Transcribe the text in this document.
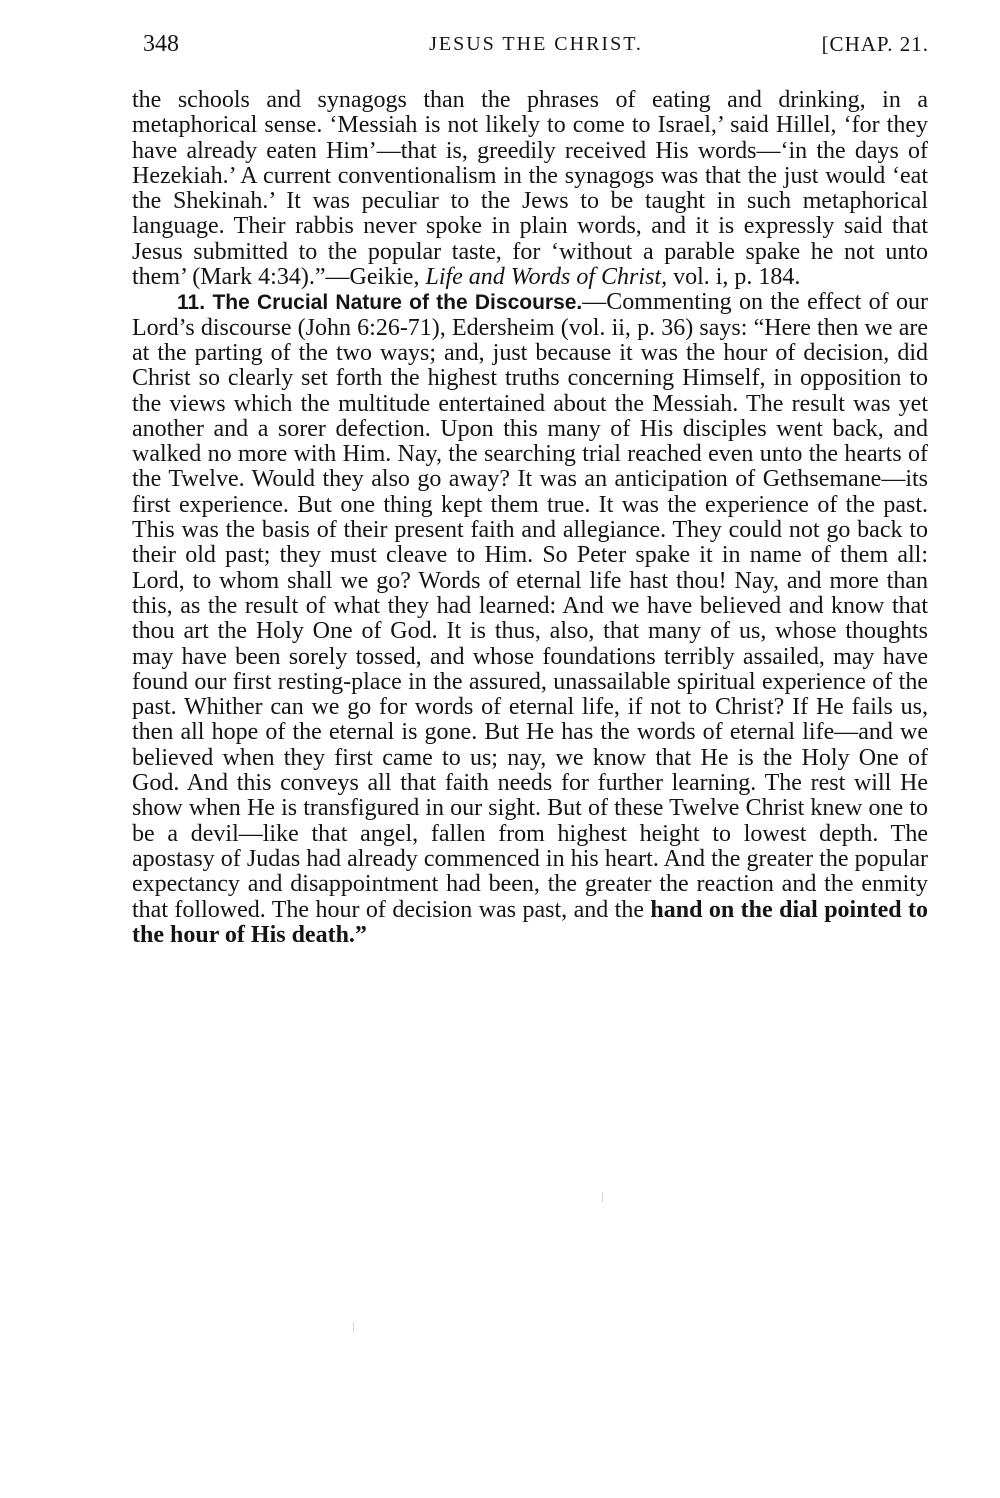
348	JESUS THE CHRIST.	[CHAP. 21.

the schools and synagogs than the phrases of eating and drinking, in a metaphorical sense. ‘Messiah is not likely to come to Israel,’ said Hillel, ‘for they have already eaten Him’—that is, greedily received His words—‘in the days of Hezekiah.’ A current conventionalism in the synagogs was that the just would ‘eat the Shekinah.’ It was peculiar to the Jews to be taught in such metaphorical language. Their rabbis never spoke in plain words, and it is expressly said that Jesus submitted to the popular taste, for ‘without a parable spake he not unto them’ (Mark 4:34).”—Geikie, Life and Words of Christ, vol. i, p. 184.

11. The Crucial Nature of the Discourse.—Commenting on the effect of our Lord’s discourse (John 6:26-71), Edersheim (vol. ii, p. 36) says: “Here then we are at the parting of the two ways; and, just because it was the hour of decision, did Christ so clearly set forth the highest truths concerning Himself, in opposition to the views which the multitude entertained about the Messiah. The result was yet another and a sorer defection. Upon this many of His disciples went back, and walked no more with Him. Nay, the searching trial reached even unto the hearts of the Twelve. Would they also go away? It was an anticipation of Gethsemane—its first experience. But one thing kept them true. It was the experience of the past. This was the basis of their present faith and allegiance. They could not go back to their old past; they must cleave to Him. So Peter spake it in name of them all: Lord, to whom shall we go? Words of eternal life hast thou! Nay, and more than this, as the result of what they had learned: And we have believed and know that thou art the Holy One of God. It is thus, also, that many of us, whose thoughts may have been sorely tossed, and whose foundations terribly assailed, may have found our first resting-place in the assured, unassailable spiritual experience of the past. Whither can we go for words of eternal life, if not to Christ? If He fails us, then all hope of the eternal is gone. But He has the words of eternal life—and we believed when they first came to us; nay, we know that He is the Holy One of God. And this conveys all that faith needs for further learning. The rest will He show when He is transfigured in our sight. But of these Twelve Christ knew one to be a devil—like that angel, fallen from highest height to lowest depth. The apostasy of Judas had already commenced in his heart. And the greater the popular expectancy and disappointment had been, the greater the reaction and the enmity that followed. The hour of decision was past, and the hand on the dial pointed to the hour of His death.”
